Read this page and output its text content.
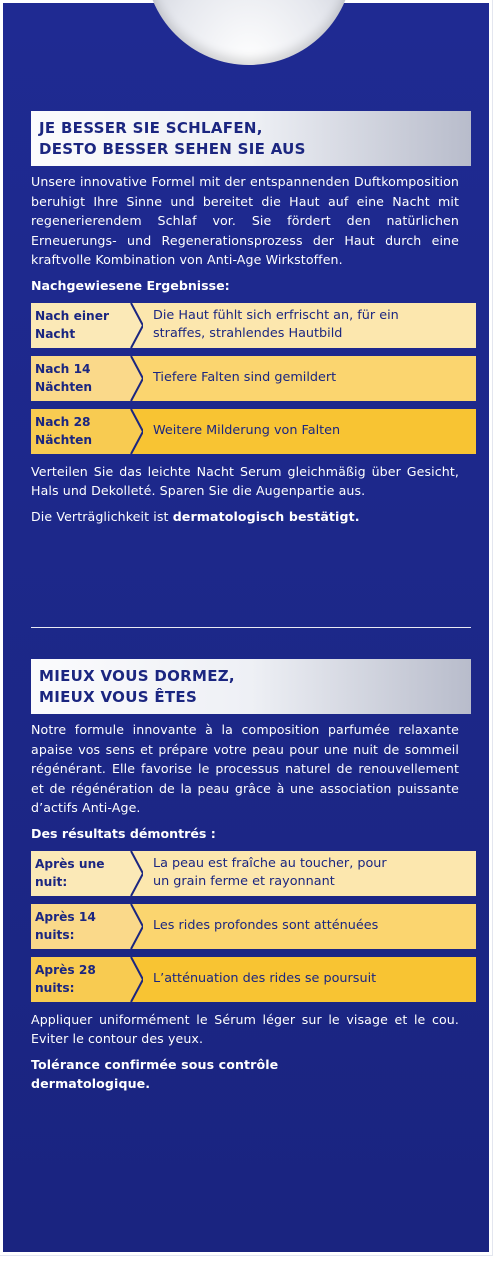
JE BESSER SIE SCHLAFEN,
DESTO BESSER SEHEN SIE AUS

Unsere innovative Formel mit der entspannenden Duftkomposition beruhigt Ihre Sinne und bereitet die Haut auf eine Nacht mit regenerierendem Schlaf vor. Sie fördert den natürlichen Erneuerungs- und Regenerationsprozess der Haut durch eine kraftvolle Kombination von Anti-Age Wirkstoffen.

Nachgewiesene Ergebnisse:
Nach einer
Nacht
Die Haut fühlt sich erfrischt an, für ein
straffes, strahlendes Hautbild
Nach 14
Nächten
Tiefere Falten sind gemildert
Nach 28
Nächten
Weitere Milderung von Falten

Verteilen Sie das leichte Nacht Serum gleichmäßig über Gesicht, Hals und Dekolleté. Sparen Sie die Augenpartie aus.

Die Verträglichkeit ist dermatologisch bestätigt.

MIEUX VOUS DORMEZ,
MIEUX VOUS ÊTES

Notre formule innovante à la composition parfumée relaxante apaise vos sens et prépare votre peau pour une nuit de sommeil régénérant. Elle favorise le processus naturel de renouvellement et de régénération de la peau grâce à une association puissante d’actifs Anti-Age.

Des résultats démontrés :
Après une
nuit:
La peau est fraîche au toucher, pour
un grain ferme et rayonnant
Après 14
nuits:
Les rides profondes sont atténuées
Après 28
nuits:
L’atténuation des rides se poursuit

Appliquer uniformément le Sérum léger sur le visage et le cou. Eviter le contour des yeux.

Tolérance confirmée sous contrôle
dermatologique.
